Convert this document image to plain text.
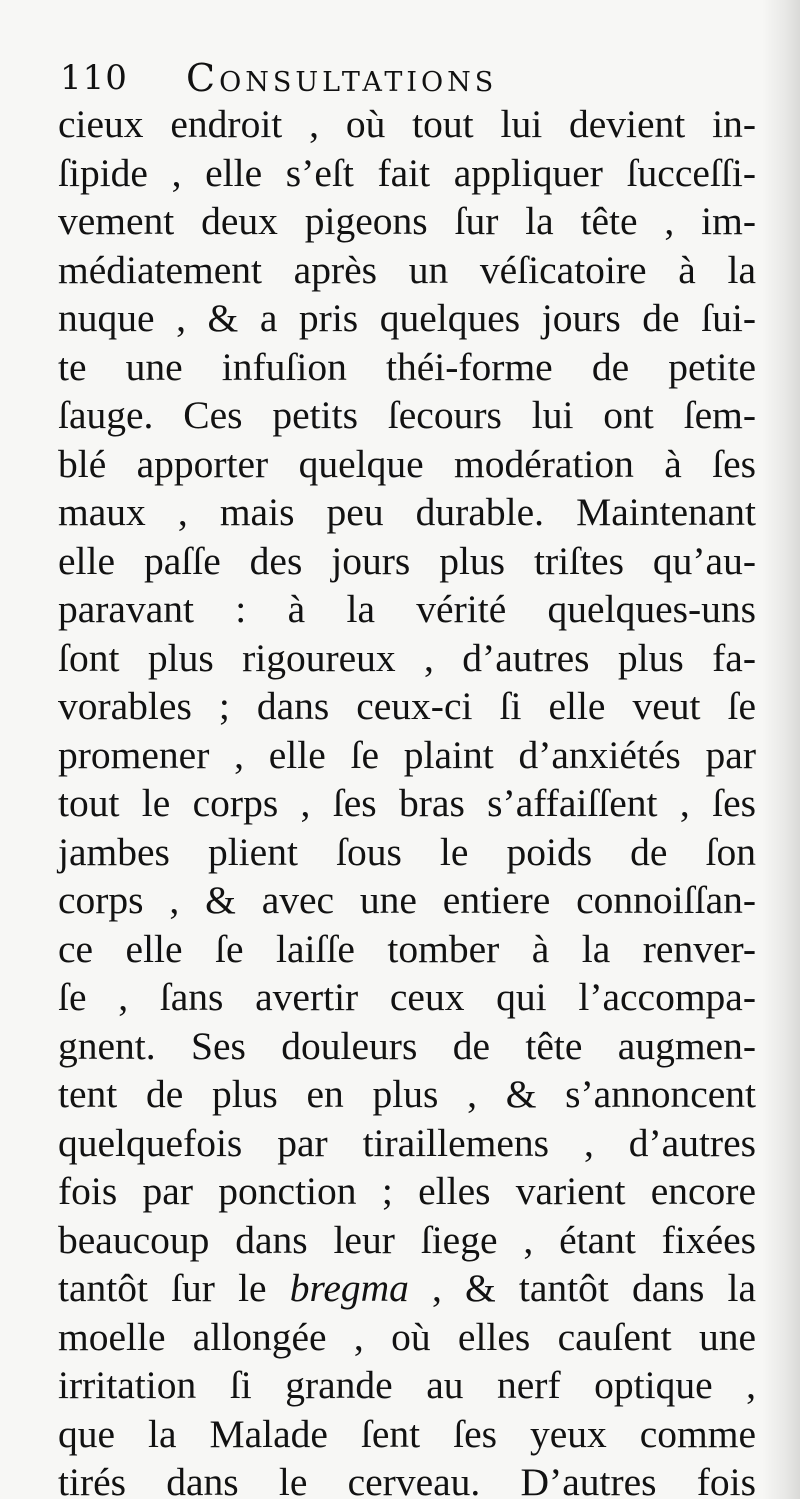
110 Consultations
cieux endroit , où tout lui devient in-
ſipide , elle s’eſt fait appliquer ſucceſſi-
vement deux pigeons ſur la tête , im-
médiatement après un véſicatoire à la
nuque , & a pris quelques jours de ſui-
te une infuſion théi-forme de petite
ſauge. Ces petits ſecours lui ont ſem-
blé apporter quelque modération à ſes
maux , mais peu durable. Maintenant
elle paſſe des jours plus triſtes qu’au-
paravant : à la vérité quelques-uns
ſont plus rigoureux , d’autres plus fa-
vorables ; dans ceux-ci ſi elle veut ſe
promener , elle ſe plaint d’anxiétés par
tout le corps , ſes bras s’affaiſſent , ſes
jambes plient ſous le poids de ſon
corps , & avec une entiere connoiſſan-
ce elle ſe laiſſe tomber à la renver-
ſe , ſans avertir ceux qui l’accompa-
gnent. Ses douleurs de tête augmen-
tent de plus en plus , & s’annoncent
quelquefois par tiraillemens , d’autres
fois par ponction ; elles varient encore
beaucoup dans leur ſiege , étant fixées
tantôt ſur le bregma , & tantôt dans la
moelle allongée , où elles cauſent une
irritation ſi grande au nerf optique ,
que la Malade ſent ſes yeux comme
tirés dans le cerveau. D’autres fois
